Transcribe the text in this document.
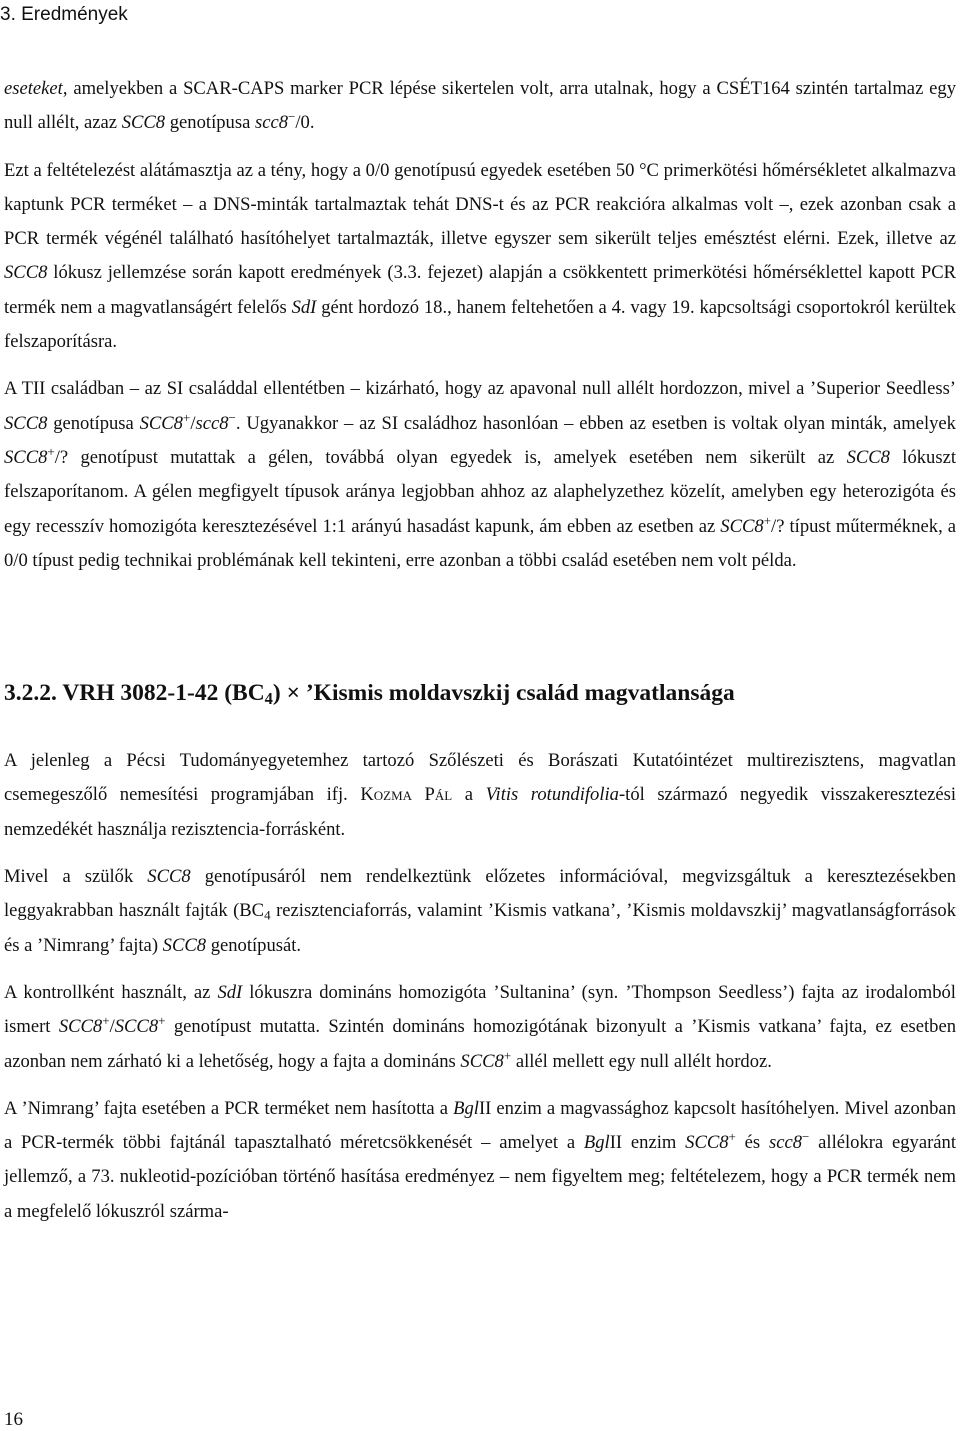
3. Eredmények

eseteket, amelyekben a SCAR-CAPS marker PCR lépése sikertelen volt, arra utalnak, hogy a CSÉT164 szintén tartalmaz egy null allélt, azaz SCC8 genotípusa scc8−/0.

Ezt a feltételezést alátámasztja az a tény, hogy a 0/0 genotípusú egyedek esetében 50 °C primerkötési hőmérsékletet alkalmazva kaptunk PCR terméket – a DNS-minták tartalmaztak tehát DNS-t és az PCR reakcióra alkalmas volt –, ezek azonban csak a PCR termék végénél található hasítóhelyet tartalmazták, illetve egyszer sem sikerült teljes emésztést elérni. Ezek, illetve az SCC8 lókusz jellemzése során kapott eredmények (3.3. fejezet) alapján a csökkentett primerkötési hőmérséklettel kapott PCR termék nem a magvatlanságért felelős SdI gént hordozó 18., hanem feltehetően a 4. vagy 19. kapcsoltsági csoportokról kerültek felszaporításra.

A TII családban – az SI családdal ellentétben – kizárható, hogy az apavonal null allélt hordozzon, mivel a ’Superior Seedless’ SCC8 genotípusa SCC8+/scc8−. Ugyanakkor – az SI családhoz hasonlóan – ebben az esetben is voltak olyan minták, amelyek SCC8+/? genotípust mutattak a gélen, továbbá olyan egyedek is, amelyek esetében nem sikerült az SCC8 lókuszt felszaporítanom. A gélen megfigyelt típusok aránya legjobban ahhoz az alaphelyzethez közelít, amelyben egy heterozigóta és egy recesszív homozigóta keresztezésével 1:1 arányú hasadást kapunk, ám ebben az esetben az SCC8+/? típust műterméknek, a 0/0 típust pedig technikai problémának kell tekinteni, erre azonban a többi család esetében nem volt példa.

3.2.2. VRH 3082-1-42 $(BC_4)$ × ’Kismis moldavszkij család magvatlansága

A jelenleg a Pécsi Tudományegyetemhez tartozó Szőlészeti és Borászati Kutatóintézet multirezisztens, magvatlan csemegeszőlő nemesítési programjában ifj. Kozma Pál a Vitis rotundifolia-tól származó negyedik visszakeresztezési nemzedékét használja rezisztencia-forrásként.

Mivel a szülők SCC8 genotípusáról nem rendelkeztünk előzetes információval, megvizsgáltuk a keresztezésekben leggyakrabban használt fajták ($BC_4$ rezisztenciaforrás, valamint ’Kismis vatkana’, ’Kismis moldavszkij’ magvatlanságforrások és a ’Nimrang’ fajta) SCC8 genotípusát.

A kontrollként használt, az SdI lókuszra domináns homozigóta ’Sultanina’ (syn. ’Thompson Seedless’) fajta az irodalomból ismert SCC8+/SCC8+ genotípust mutatta. Szintén domináns homozigótának bizonyult a ’Kismis vatkana’ fajta, ez esetben azonban nem zárható ki a lehetőség, hogy a fajta a domináns SCC8+ allél mellett egy null allélt hordoz.

A ’Nimrang’ fajta esetében a PCR terméket nem hasította a BglII enzim a magvassághoz kapcsolt hasítóhelyen. Mivel azonban a PCR-termék többi fajtánál tapasztalható méretcsökkenését – amelyet a BglII enzim SCC8+ és scc8− allélokra egyaránt jellemző, a 73. nukleotid-pozícióban történő hasítása eredményez – nem figyeltem meg; feltételezem, hogy a PCR termék nem a megfelelő lókuszról szárma-

16
